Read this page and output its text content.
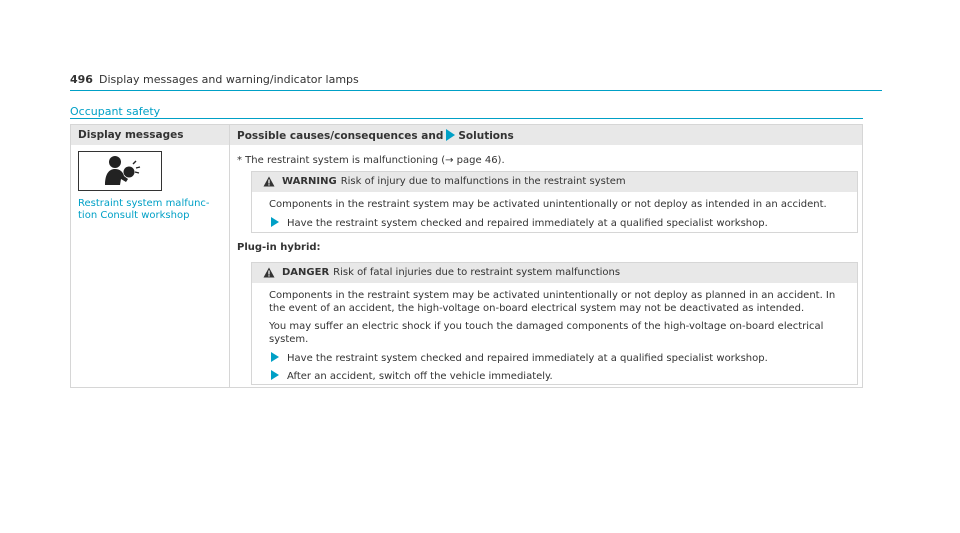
496 Display messages and warning/indicator lamps
Occupant safety
Display messages	Possible causes/consequences and Solutions
Restraint system malfunc-
tion Consult workshop
* The restraint system is malfunctioning (→ page 46).
WARNING Risk of injury due to malfunctions in the restraint system
Components in the restraint system may be activated unintentionally or not deploy as intended in an accident.
Have the restraint system checked and repaired immediately at a qualified specialist workshop.
Plug-in hybrid:
DANGER Risk of fatal injuries due to restraint system malfunctions
Components in the restraint system may be activated unintentionally or not deploy as planned in an accident. In
the event of an accident, the high-voltage on-board electrical system may not be deactivated as intended.
You may suffer an electric shock if you touch the damaged components of the high-voltage on-board electrical
system.
Have the restraint system checked and repaired immediately at a qualified specialist workshop.
After an accident, switch off the vehicle immediately.
